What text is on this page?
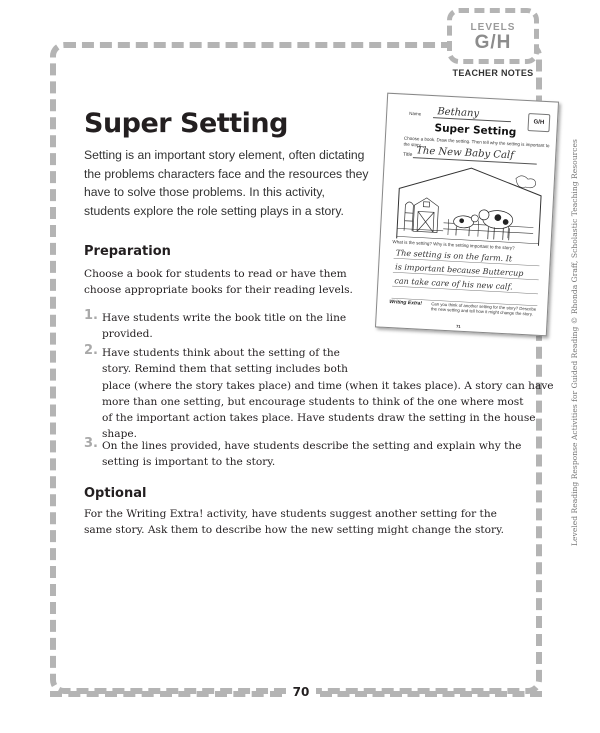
LEVELS
G/H
TEACHER NOTES
Super Setting
Setting is an important story element, often dictating the problems characters face and the resources they have to solve those problems. In this activity, students explore the role setting plays in a story.
Preparation
Choose a book for students to read or have them choose appropriate books for their reading levels.
1. Have students write the book title on the line
provided.
2. Have students think about the setting of the
story. Remind them that setting includes both
place (where the story takes place) and time (when it takes place). A story can have
more than one setting, but encourage students to think of the one where most
of the important action takes place. Have students draw the setting in the house
shape.
3. On the lines provided, have students describe the setting and explain why the
setting is important to the story.
Optional
For the Writing Extra! activity, have students suggest another setting for the same story. Ask them to describe how the new setting might change the story.	Leveled Reading Response Activities for Guided Reading © Rhonda Graff, Scholastic Teaching Resources
Name Bethany
G/H
Super Setting
Choose a book. Draw the setting. Then tell why the setting is important to the story.
Title The New Baby Calf
What is the setting? Why is the setting important to the story?
The setting is on the farm. It
is important because Buttercup
can take care of his new calf.
Writing Extra! Can you think of another setting for the story? Describe the new setting and tell how it might change the story.
71
70
